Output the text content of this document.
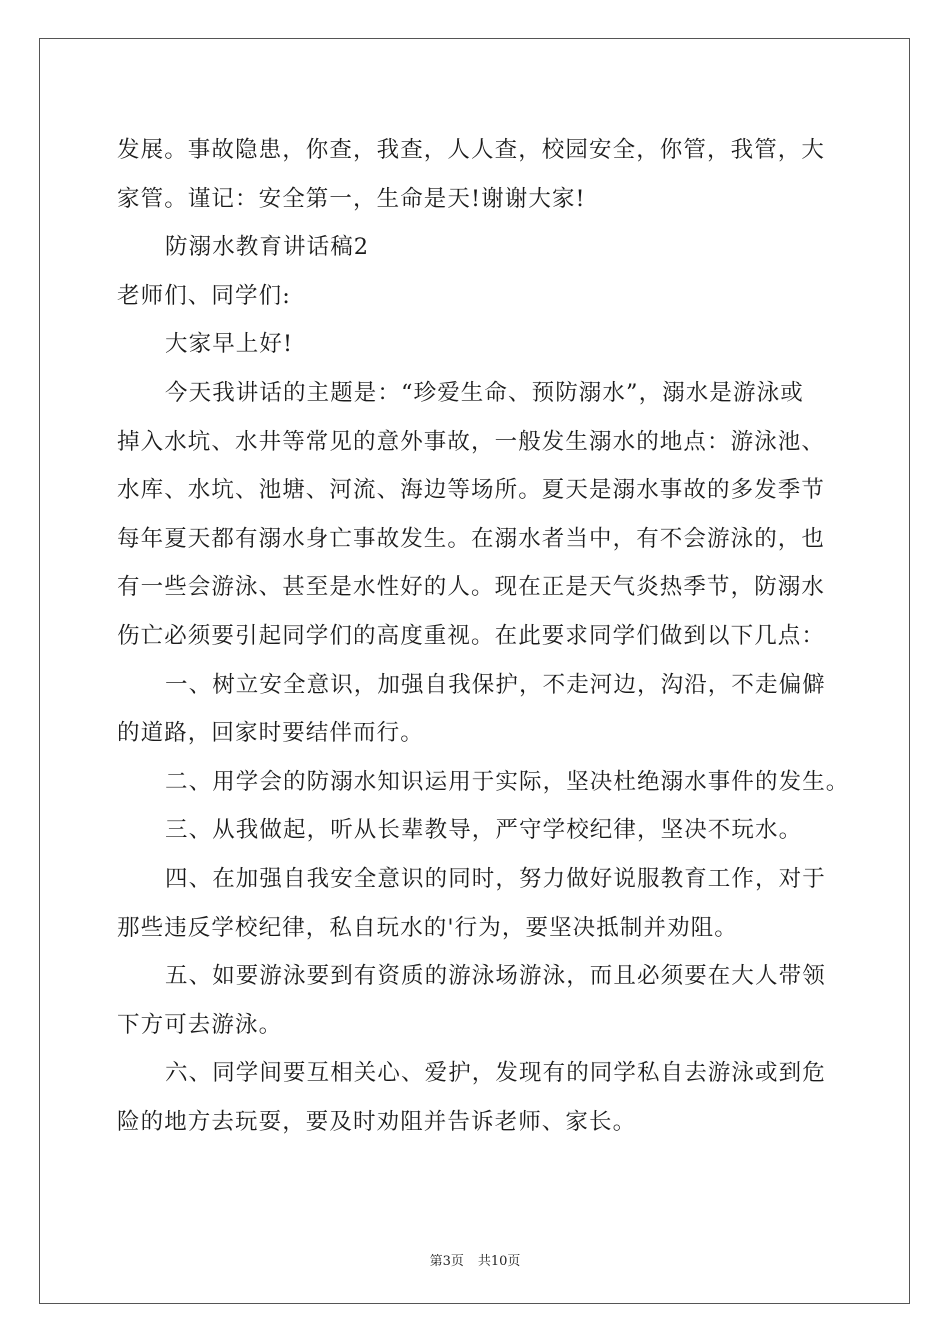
发展。事故隐患，你查，我查，人人查，校园安全，你管，我管，大
家管。谨记：安全第一，生命是天!谢谢大家!
防溺水教育讲话稿2
老师们、同学们:
大家早上好!
今天我讲话的主题是：“珍爱生命、预防溺水”，溺水是游泳或
掉入水坑、水井等常见的意外事故，一般发生溺水的地点：游泳池、
水库、水坑、池塘、河流、海边等场所。夏天是溺水事故的多发季节
每年夏天都有溺水身亡事故发生。在溺水者当中，有不会游泳的，也
有一些会游泳、甚至是水性好的人。现在正是天气炎热季节，防溺水
伤亡必须要引起同学们的高度重视。在此要求同学们做到以下几点：
一、树立安全意识，加强自我保护，不走河边，沟沿，不走偏僻
的道路，回家时要结伴而行。
二、用学会的防溺水知识运用于实际，坚决杜绝溺水事件的发生。
三、从我做起，听从长辈教导，严守学校纪律，坚决不玩水。
四、在加强自我安全意识的同时，努力做好说服教育工作，对于
那些违反学校纪律，私自玩水的'行为，要坚决抵制并劝阻。
五、如要游泳要到有资质的游泳场游泳，而且必须要在大人带领
下方可去游泳。
六、同学间要互相关心、爱护，发现有的同学私自去游泳或到危
险的地方去玩耍，要及时劝阻并告诉老师、家长。
第3页 共10页
